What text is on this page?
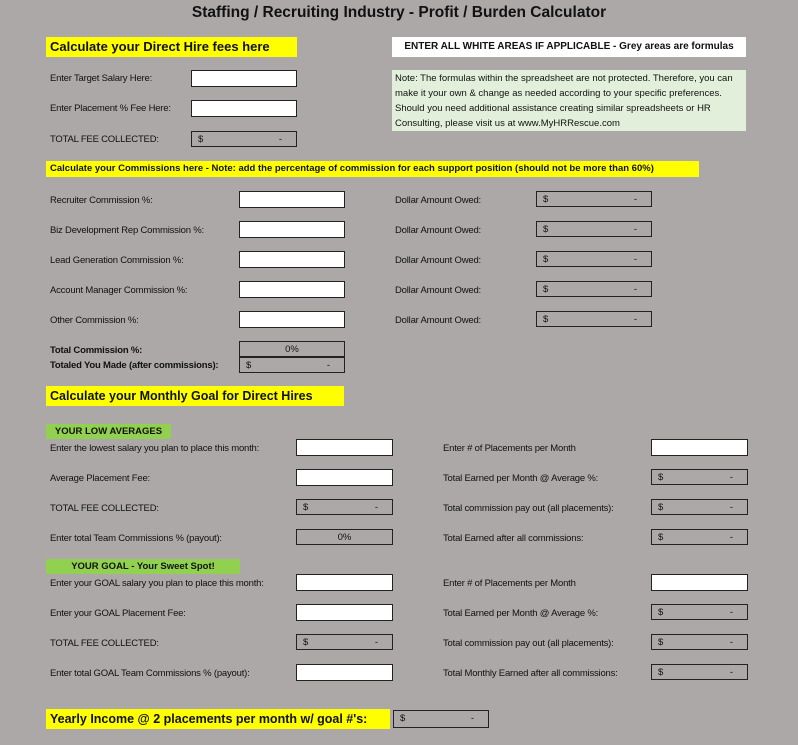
Staffing / Recruiting Industry - Profit / Burden Calculator
Calculate your Direct Hire fees here	ENTER ALL WHITE AREAS IF APPLICABLE - Grey areas are formulas
Enter Target Salary Here:
Enter Placement % Fee Here:
TOTAL FEE COLLECTED:	$	-
Note: The formulas within the spreadsheet are not protected. Therefore, you can make it your own & change as needed according to your specific preferences. Should you need additional assistance creating similar spreadsheets or HR Consulting, please visit us at www.MyHRRescue.com
Calculate your Commissions here - Note: add the percentage of commission for each support position (should not be more than 60%)
Recruiter Commission %:	Dollar Amount Owed:	$	-
Biz Development Rep Commission %:	Dollar Amount Owed:	$	-
Lead Generation Commission %:	Dollar Amount Owed:	$	-
Account Manager Commission %:	Dollar Amount Owed:	$	-
Other Commission %:	Dollar Amount Owed:	$	-
Total Commission %:	0%
Totaled You Made (after commissions):	$	-
Calculate your Monthly Goal for Direct Hires
YOUR LOW AVERAGES
YOUR GOAL - Your Sweet Spot!
Enter the lowest salary you plan to place this month:	Enter # of Placements per Month
Average Placement Fee:	Total Earned per Month @ Average %:	$	-
TOTAL FEE COLLECTED:	$	-	Total commission pay out (all placements):	$	-
Enter total Team Commissions % (payout):	0%	Total Earned after all commissions:	$	-
Enter your GOAL salary you plan to place this month:	Enter # of Placements per Month
Enter your GOAL Placement Fee:	Total Earned per Month @ Average %:	$	-
TOTAL FEE COLLECTED:	$	-	Total commission pay out (all placements):	$	-
Enter total GOAL Team Commissions % (payout):	Total Monthly Earned after all commissions:	$	-
Yearly Income @ 2 placements per month w/ goal #'s:	$	-
